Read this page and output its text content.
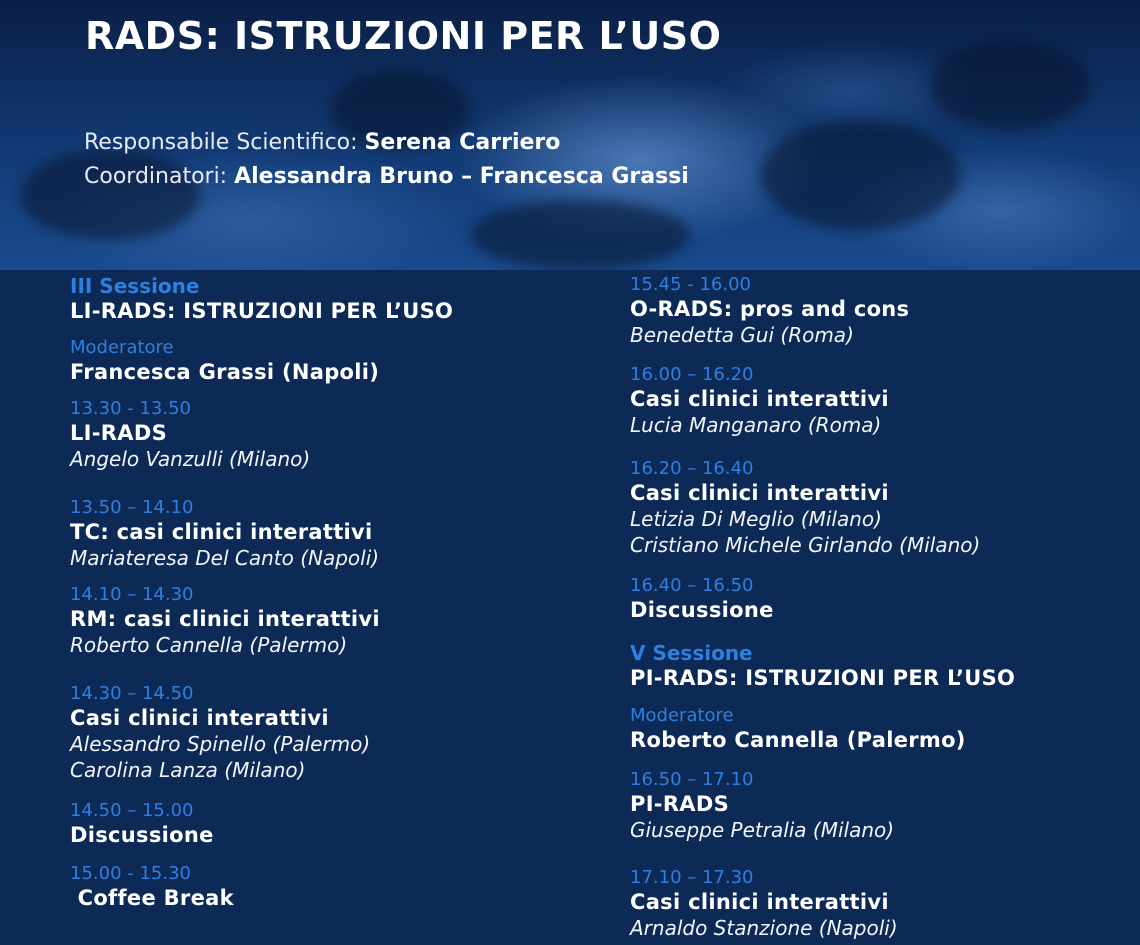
RADS: ISTRUZIONI PER L’USO
Responsabile Scientifico: Serena Carriero
Coordinatori: Alessandra Bruno – Francesca Grassi
III Sessione
LI-RADS: ISTRUZIONI PER L’USO
Moderatore
Francesca Grassi (Napoli)
13.30 - 13.50
LI-RADS
Angelo Vanzulli (Milano)
13.50 – 14.10
TC: casi clinici interattivi
Mariateresa Del Canto (Napoli)
14.10 – 14.30
RM: casi clinici interattivi
Roberto Cannella (Palermo)
14.30 – 14.50
Casi clinici interattivi
Alessandro Spinello (Palermo)
Carolina Lanza (Milano)
14.50 – 15.00
Discussione
15.00 - 15.30
Coffee Break
15.45 - 16.00
O-RADS: pros and cons
Benedetta Gui (Roma)
16.00 – 16.20
Casi clinici interattivi
Lucia Manganaro (Roma)
16.20 – 16.40
Casi clinici interattivi
Letizia Di Meglio (Milano)
Cristiano Michele Girlando (Milano)
16.40 – 16.50
Discussione
V Sessione
PI-RADS: ISTRUZIONI PER L’USO
Moderatore
Roberto Cannella (Palermo)
16.50 – 17.10
PI-RADS
Giuseppe Petralia (Milano)
17.10 – 17.30
Casi clinici interattivi
Arnaldo Stanzione (Napoli)
